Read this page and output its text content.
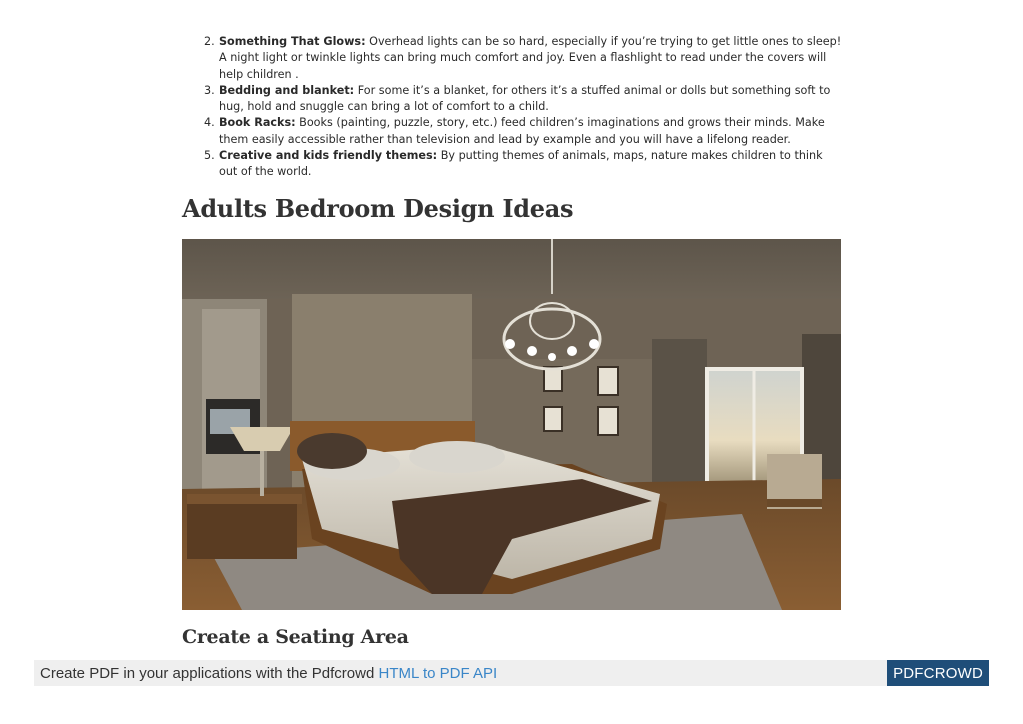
2. Something That Glows: Overhead lights can be so hard, especially if you’re trying to get little ones to sleep! A night light or twinkle lights can bring much comfort and joy. Even a flashlight to read under the covers will help children .
3. Bedding and blanket: For some it’s a blanket, for others it’s a stuffed animal or dolls but something soft to hug, hold and snuggle can bring a lot of comfort to a child.
4. Book Racks: Books (painting, puzzle, story, etc.) feed children’s imaginations and grows their minds. Make them easily accessible rather than television and lead by example and you will have a lifelong reader.
5. Creative and kids friendly themes: By putting themes of animals, maps, nature makes children to think out of the world.
Adults Bedroom Design Ideas
Create a Seating Area
Create PDF in your applications with the Pdfcrowd HTML to PDF API	PDFCROWD
